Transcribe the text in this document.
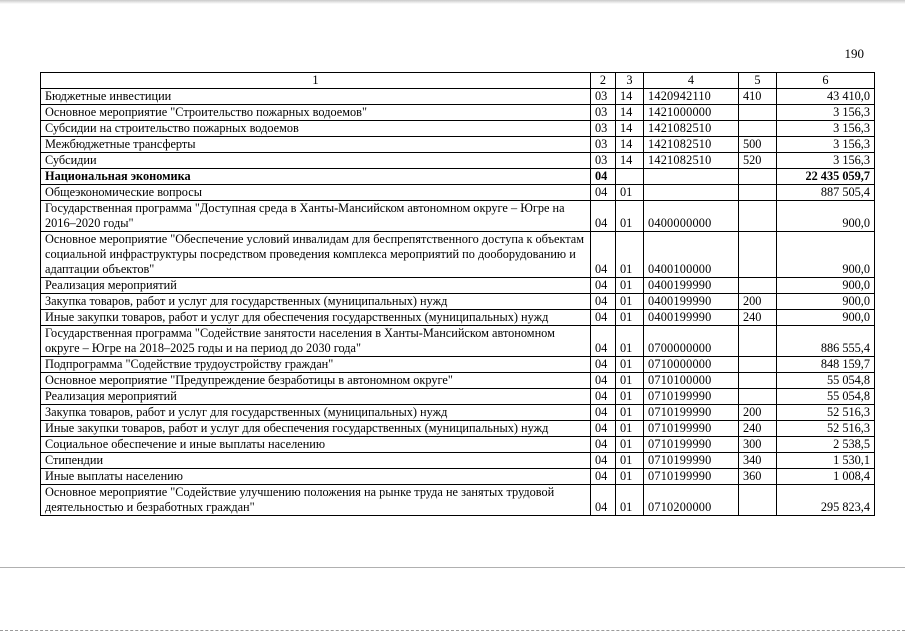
190
1	2	3	4	5	6
Бюджетные инвестиции	03	14	1420942110	410	43 410,0
Основное мероприятие "Строительство пожарных водоемов"	03	14	1421000000		3 156,3
Субсидии на строительство пожарных водоемов	03	14	1421082510		3 156,3
Межбюджетные трансферты	03	14	1421082510	500	3 156,3
Субсидии	03	14	1421082510	520	3 156,3
Национальная экономика	04				22 435 059,7
Общеэкономические вопросы	04	01			887 505,4
Государственная программа "Доступная среда в Ханты-Мансийском автономном округе – Югре на 2016–2020 годы"	04	01	0400000000		900,0
Основное мероприятие "Обеспечение условий инвалидам для беспрепятственного доступа к объектам социальной инфраструктуры посредством проведения комплекса мероприятий по дооборудованию и адаптации объектов"	04	01	0400100000		900,0
Реализация мероприятий	04	01	0400199990		900,0
Закупка товаров, работ и услуг для государственных (муниципальных) нужд	04	01	0400199990	200	900,0
Иные закупки товаров, работ и услуг для обеспечения государственных (муниципальных) нужд	04	01	0400199990	240	900,0
Государственная программа "Содействие занятости населения в Ханты-Мансийском автономном округе – Югре на 2018–2025 годы и на период до 2030 года"	04	01	0700000000		886 555,4
Подпрограмма "Содействие трудоустройству граждан"	04	01	0710000000		848 159,7
Основное мероприятие "Предупреждение безработицы в автономном округе"	04	01	0710100000		55 054,8
Реализация мероприятий	04	01	0710199990		55 054,8
Закупка товаров, работ и услуг для государственных (муниципальных) нужд	04	01	0710199990	200	52 516,3
Иные закупки товаров, работ и услуг для обеспечения государственных (муниципальных) нужд	04	01	0710199990	240	52 516,3
Социальное обеспечение и иные выплаты населению	04	01	0710199990	300	2 538,5
Стипендии	04	01	0710199990	340	1 530,1
Иные выплаты населению	04	01	0710199990	360	1 008,4
Основное мероприятие "Содействие улучшению положения на рынке труда не занятых трудовой деятельностью и безработных граждан"	04	01	0710200000		295 823,4
